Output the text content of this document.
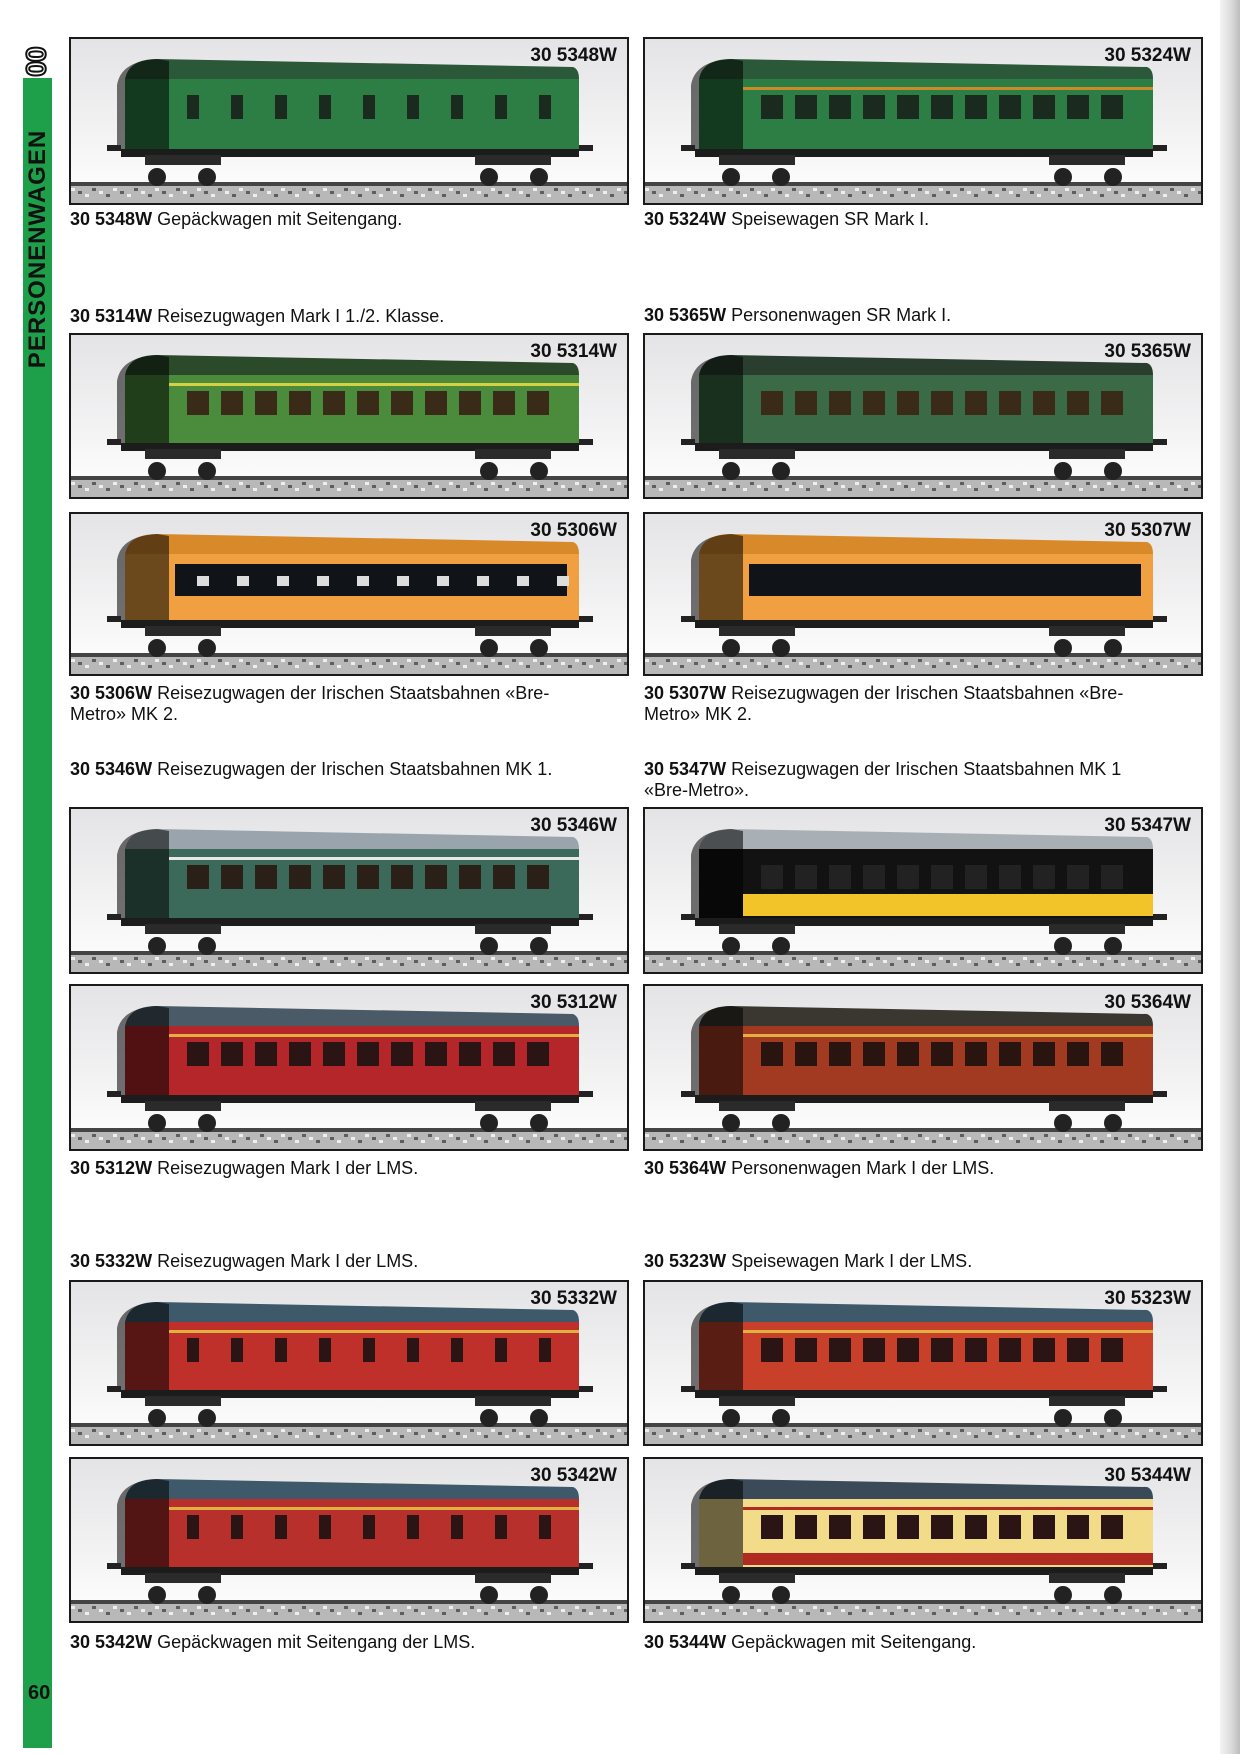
00
PERSONENWAGEN
60
30 5348W	30 5324W
30 5314W	30 5365W
30 5306W	30 5307W
30 5346W	30 5347W
30 5312W	30 5364W
30 5332W	30 5323W
30 5342W	30 5344W
30 5348W Gepäckwagen mit Seitengang.	30 5324W Speisewagen SR Mark I.
30 5314W Reisezugwagen Mark I 1./2. Klasse.	30 5365W Personenwagen SR Mark I.
30 5306W Reisezugwagen der Irischen Staatsbahnen «Bre-
Metro» MK 2.
30 5307W Reisezugwagen der Irischen Staatsbahnen «Bre-
Metro» MK 2.
30 5346W Reisezugwagen der Irischen Staatsbahnen MK 1.	30 5347W Reisezugwagen der Irischen Staatsbahnen MK 1
«Bre-Metro».
30 5312W Reisezugwagen Mark I der LMS.	30 5364W Personenwagen Mark I der LMS.
30 5332W Reisezugwagen Mark I der LMS.	30 5323W Speisewagen Mark I der LMS.
30 5342W Gepäckwagen mit Seitengang der LMS.	30 5344W Gepäckwagen mit Seitengang.
